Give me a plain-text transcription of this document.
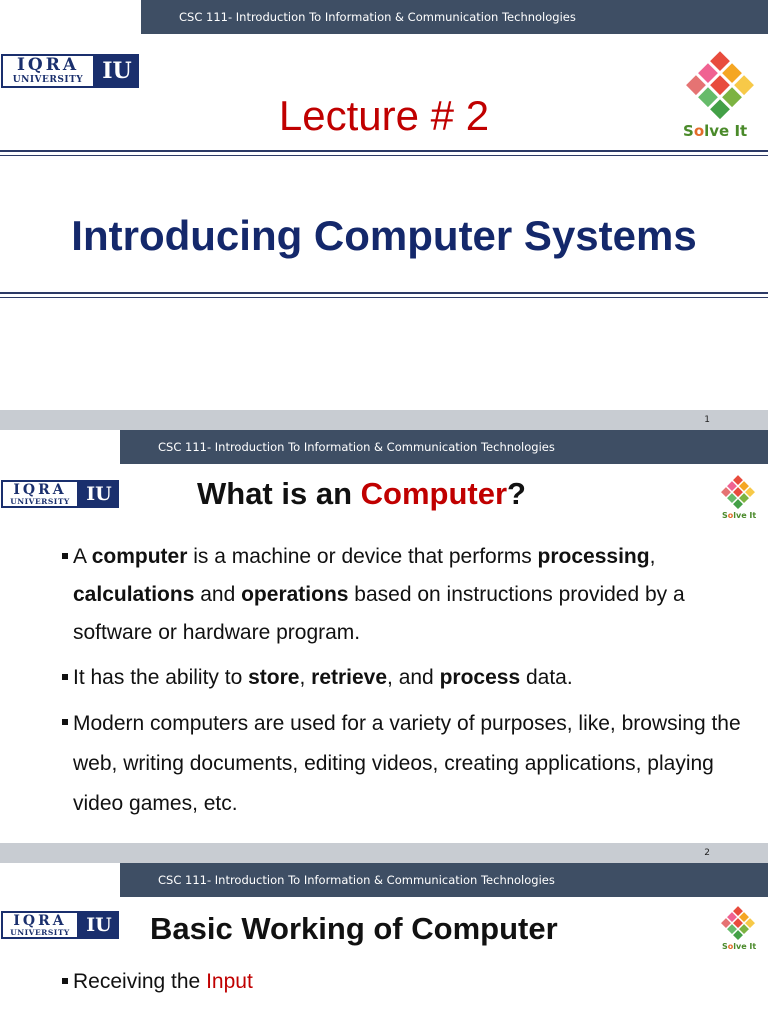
CSC 111- Introduction To Information & Communication Technologies
IQRA
UNIVERSITY IU
Solve It
Lecture # 2
Introducing Computer Systems
1
CSC 111- Introduction To Information & Communication Technologies
IQRA
UNIVERSITY IU	What is an Computer?
Solve It
A computer is a machine or device that performs processing, calculations and operations based on instructions provided by a software or hardware program.
It has the ability to store, retrieve, and process data.
Modern computers are used for a variety of purposes, like, browsing the web, writing documents, editing videos, creating applications, playing video games, etc.
2
CSC 111- Introduction To Information & Communication Technologies
IQRA
UNIVERSITY IU Basic Working of Computer
Solve It
Receiving the Input
